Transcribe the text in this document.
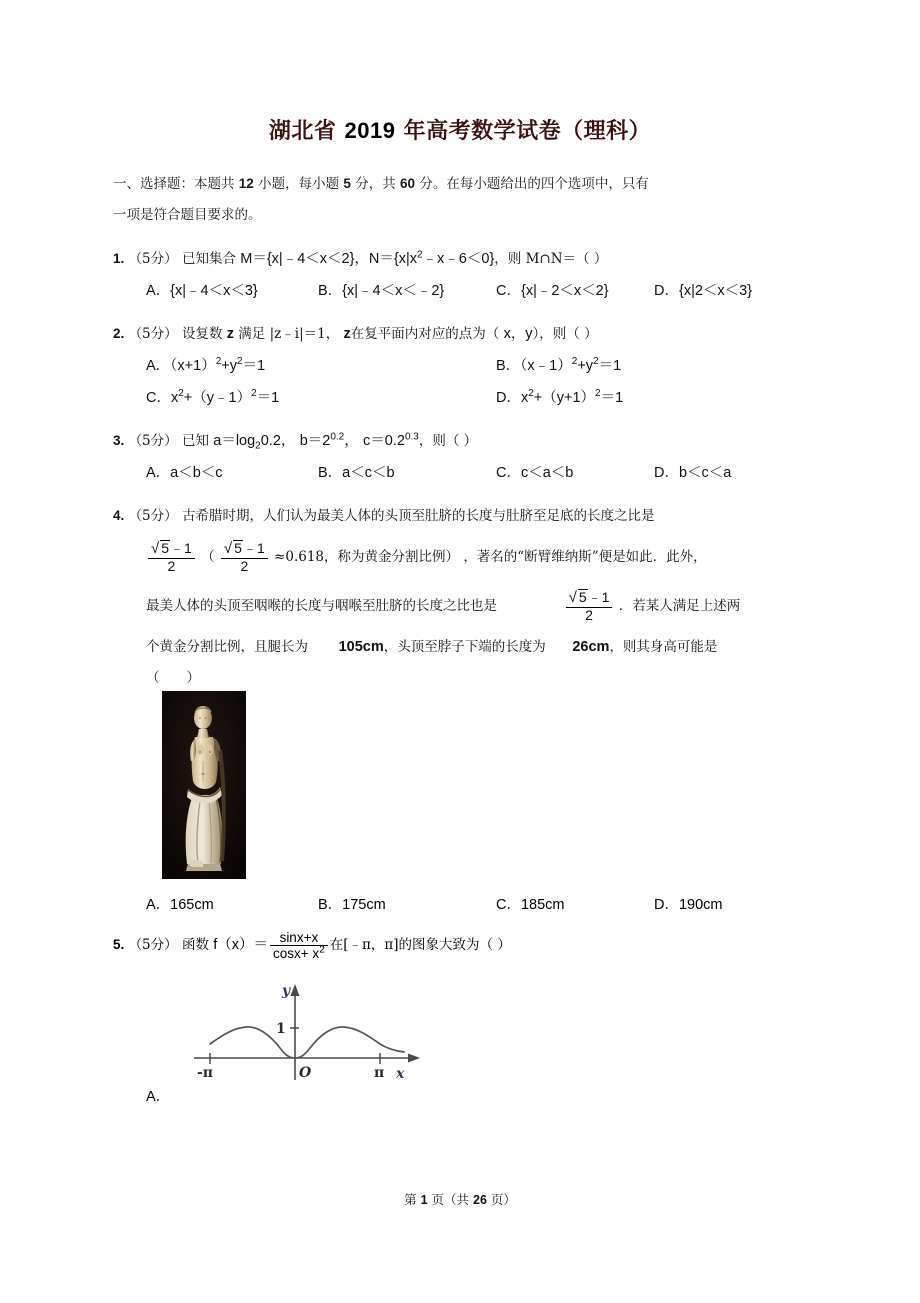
湖北省 2019 年高考数学试卷（理科）
一、选择题：本题共 12 小题，每小题 5 分，共 60 分。在每小题给出的四个选项中，只有
一项是符合题目要求的。
1. （5分） 已知集合 M＝{x|﹣4＜x＜2}，$N=\{x|x^2﹣x﹣6<0\}$，则 M∩N＝（ ）
A．{x|﹣4＜x＜3}	B．{x|﹣4＜x＜﹣2}	C．{x|﹣2＜x＜2}	D．{x|2＜x＜3}
2. （5分） 设复数 z 满足 |z﹣i|＝1， z在复平面内对应的点为（ x，y），则（ ）
A．$(x+1)^2+y^2=1$	B．$(x﹣1)^2+y^2=1$
C．$x^2+(y﹣1)^2=1$	D．$x^2+(y+1)^2=1$
3. （5分） 已知 $a=\log_20.2$， $b=2^{0.2}$， $c=0.2^{0.3}$，则（ ）
A．a＜b＜c	B．a＜c＜b	C．c＜a＜b	D．b＜c＜a
4. （5分） 古希腊时期，人们认为最美人体的头顶至肚脐的长度与肚脐至足底的长度之比是
$\frac{√ 5﹣1}{2}$ （ $\frac{√ 5﹣1}{2} \approx 0.618$，称为黄金分割比例） ，著名的“断臂维纳斯”便是如此．此外，
最美人体的头顶至咽喉的长度与咽喉至肚脐的长度之比也是	$\frac{√ 5﹣1}{2}$ ．若某人满足上述两
个黄金分割比例，且腿长为 105cm，头顶至脖子下端的长度为 26cm，则其身高可能是
（　　）
A．165cm	B．175cm	C．185cm	D．190cm
5. （5分） 函数 $f(x)= \frac{\sin x+x}{\cos x+ x^2}$ 在[﹣π，π]的图象大致为（ ）
-π	π x
O
1
y
A．
第 1 页（共 26 页）
